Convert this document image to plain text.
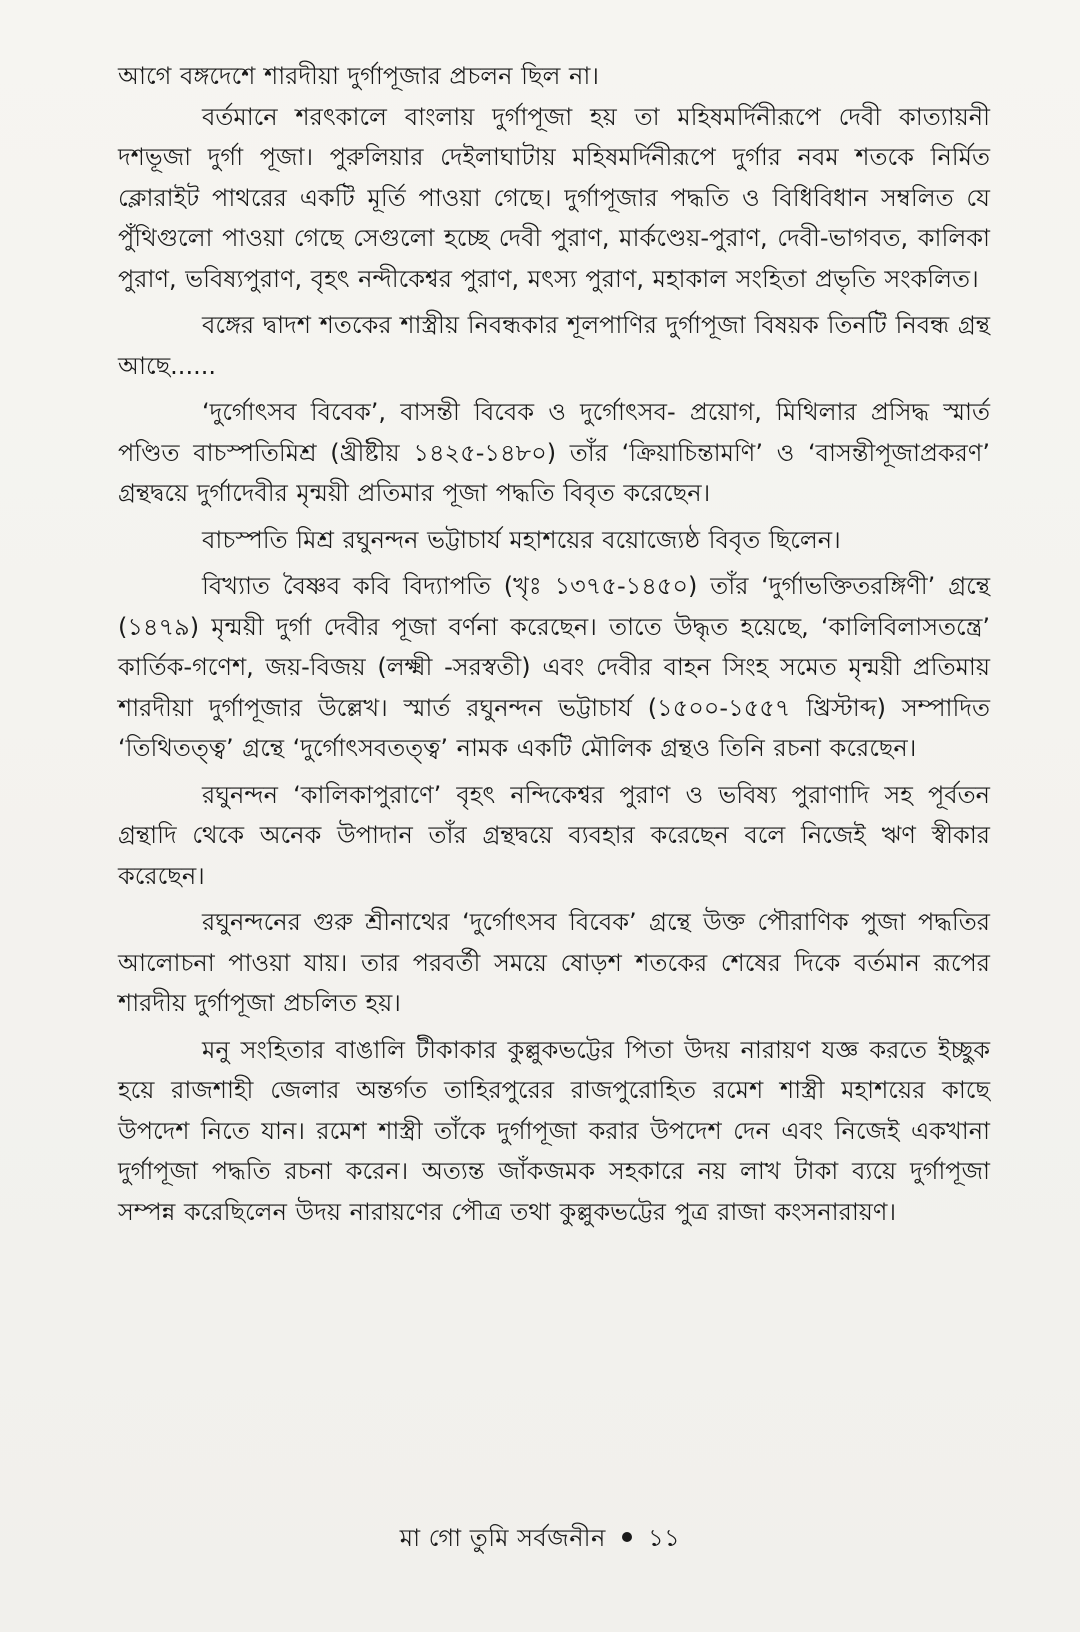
আগে বঙ্গদেশে শারদীয়া দুর্গাপূজার প্রচলন ছিল না।

বর্তমানে শরৎকালে বাংলায় দুর্গাপূজা হয় তা মহিষমর্দিনীরূপে দেবী কাত্যায়নী দশভূজা দুর্গা পূজা। পুরুলিয়ার দেইলাঘাটায় মহিষমর্দিনীরূপে দুর্গার নবম শতকে নির্মিত ক্লোরাইট পাথরের একটি মূর্তি পাওয়া গেছে। দুর্গাপূজার পদ্ধতি ও বিধিবিধান সম্বলিত যে পুঁথিগুলো পাওয়া গেছে সেগুলো হচ্ছে দেবী পুরাণ, মার্কণ্ডেয়-পুরাণ, দেবী-ভাগবত, কালিকা পুরাণ, ভবিষ্যপুরাণ, বৃহৎ নন্দীকেশ্বর পুরাণ, মৎস্য পুরাণ, মহাকাল সংহিতা প্রভৃতি সংকলিত।

বঙ্গের দ্বাদশ শতকের শাস্ত্রীয় নিবন্ধকার শূলপাণির দুর্গাপূজা বিষয়ক তিনটি নিবন্ধ গ্রন্থ আছে......

‘দুর্গোৎসব বিবেক’, বাসন্তী বিবেক ও দুর্গোৎসব- প্রয়োগ, মিথিলার প্রসিদ্ধ স্মার্ত পণ্ডিত বাচস্পতিমিশ্র (খ্রীষ্টীয় ১৪২৫-১৪৮০) তাঁর ‘ক্রিয়াচিন্তামণি’ ও ‘বাসন্তীপূজাপ্রকরণ’ গ্রন্থদ্বয়ে দুর্গাদেবীর মৃন্ময়ী প্রতিমার পূজা পদ্ধতি বিবৃত করেছেন।

বাচস্পতি মিশ্র রঘুনন্দন ভট্টাচার্য মহাশয়ের বয়োজ্যেষ্ঠ বিবৃত ছিলেন।

বিখ্যাত বৈষ্ণব কবি বিদ্যাপতি (খৃঃ ১৩৭৫-১৪৫০) তাঁর ‘দুর্গাভক্তিতরঙ্গিণী’ গ্রন্থে (১৪৭৯) মৃন্ময়ী দুর্গা দেবীর পূজা বর্ণনা করেছেন। তাতে উদ্ধৃত হয়েছে, ‘কালিবিলাসতন্ত্রে’ কার্তিক-গণেশ, জয়-বিজয় (লক্ষ্মী -সরস্বতী) এবং দেবীর বাহন সিংহ সমেত মৃন্ময়ী প্রতিমায় শারদীয়া দুর্গাপূজার উল্লেখ। স্মার্ত রঘুনন্দন ভট্টাচার্য (১৫০০-১৫৫৭ খ্রিস্টাব্দ) সম্পাদিত ‘তিথিতত্ত্ব’ গ্রন্থে ‘দুর্গোৎসবতত্ত্ব’ নামক একটি মৌলিক গ্রন্থও তিনি রচনা করেছেন।

রঘুনন্দন ‘কালিকাপুরাণে’ বৃহৎ নন্দিকেশ্বর পুরাণ ও ভবিষ্য পুরাণাদি সহ পূর্বতন গ্রন্থাদি থেকে অনেক উপাদান তাঁর গ্রন্থদ্বয়ে ব্যবহার করেছেন বলে নিজেই ঋণ স্বীকার করেছেন।

রঘুনন্দনের গুরু শ্রীনাথের ‘দুর্গোৎসব বিবেক’ গ্রন্থে উক্ত পৌরাণিক পুজা পদ্ধতির আলোচনা পাওয়া যায়। তার পরবর্তী সময়ে ষোড়শ শতকের শেষের দিকে বর্তমান রূপের শারদীয় দুর্গাপূজা প্রচলিত হয়।

মনু সংহিতার বাঙালি টীকাকার কুল্লুকভট্টের পিতা উদয় নারায়ণ যজ্ঞ করতে ইচ্ছুক হয়ে রাজশাহী জেলার অন্তর্গত তাহিরপুরের রাজপুরোহিত রমেশ শাস্ত্রী মহাশয়ের কাছে উপদেশ নিতে যান। রমেশ শাস্ত্রী তাঁকে দুর্গাপূজা করার উপদেশ দেন এবং নিজেই একখানা দুর্গাপূজা পদ্ধতি রচনা করেন। অত্যন্ত জাঁকজমক সহকারে নয় লাখ টাকা ব্যয়ে দুর্গাপূজা সম্পন্ন করেছিলেন উদয় নারায়ণের পৌত্র তথা কুল্লুকভট্টের পুত্র রাজা কংসনারায়ণ।

মা গো তুমি সর্বজনীন ১১
